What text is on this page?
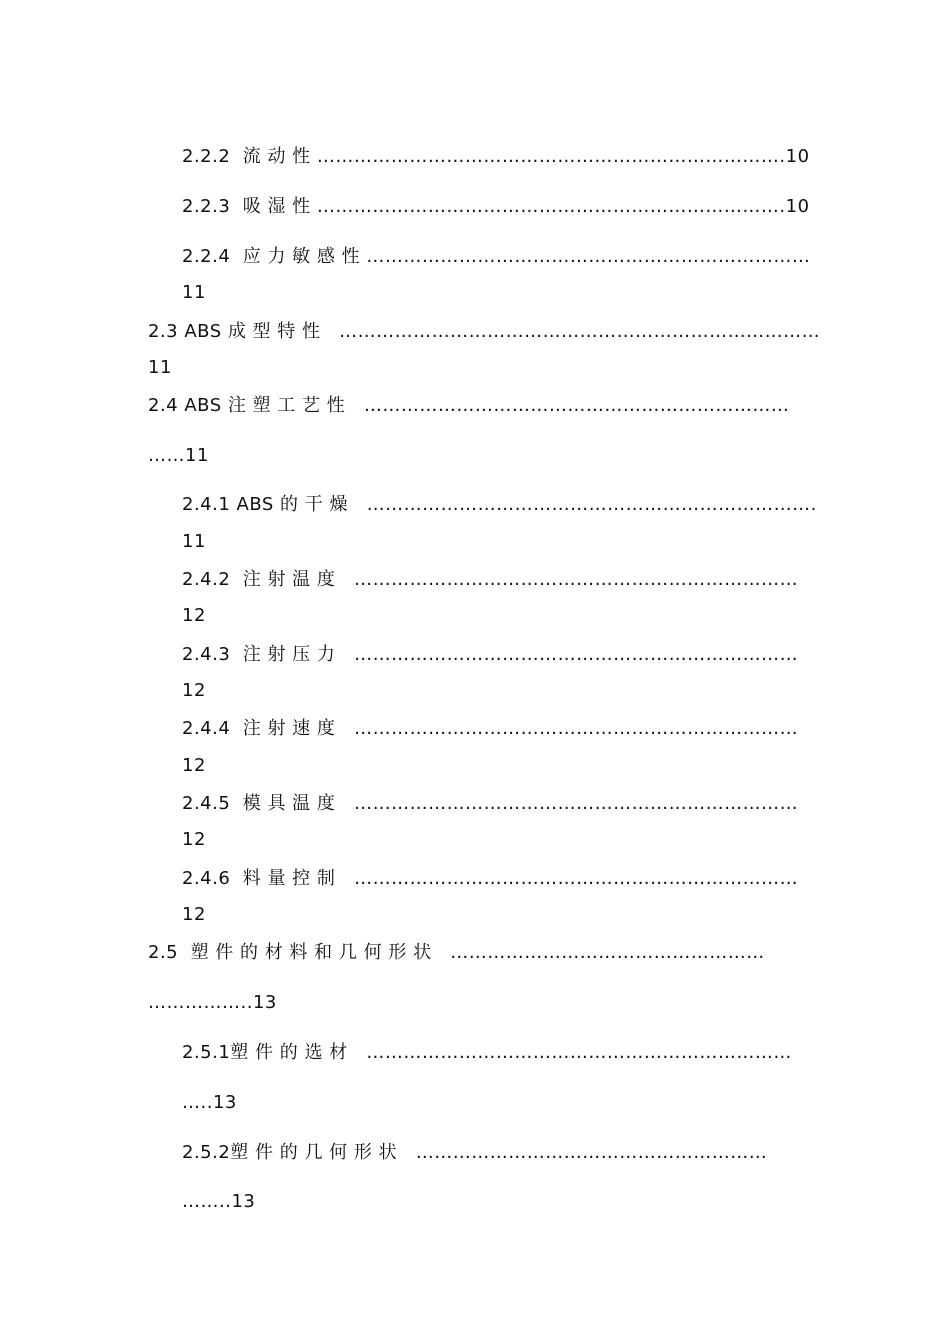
2.2.2  流 动 性 ………………………………………………………………….10
2.2.3  吸 湿 性 ………………………………………………………………….10
2.2.4  应 力 敏 感 性 ………………………………………………………………
11
2.3 ABS 成 型 特 性   ……………………………………………………………………
11
2.4 ABS 注 塑 工 艺 性   ……………………………………………………………
……11
2.4.1 ABS 的 干 燥   ……………………………………………………………….
11
2.4.2  注 射 温 度   ………………………………………………………………
12
2.4.3  注 射 压 力   ………………………………………………………………
12
2.4.4  注 射 速 度   ………………………………………………………………
12
2.4.5  模 具 温 度   ………………………………………………………………
12
2.4.6  料 量 控 制   ………………………………………………………………
12
2.5  塑 件 的 材 料 和 几 何 形 状   ……………………………………………
……………..13
2.5.1塑 件 的 选 材   ……………………………………………………………
…..13
2.5.2塑 件 的 几 何 形 状   …………………………………………………
……..13
